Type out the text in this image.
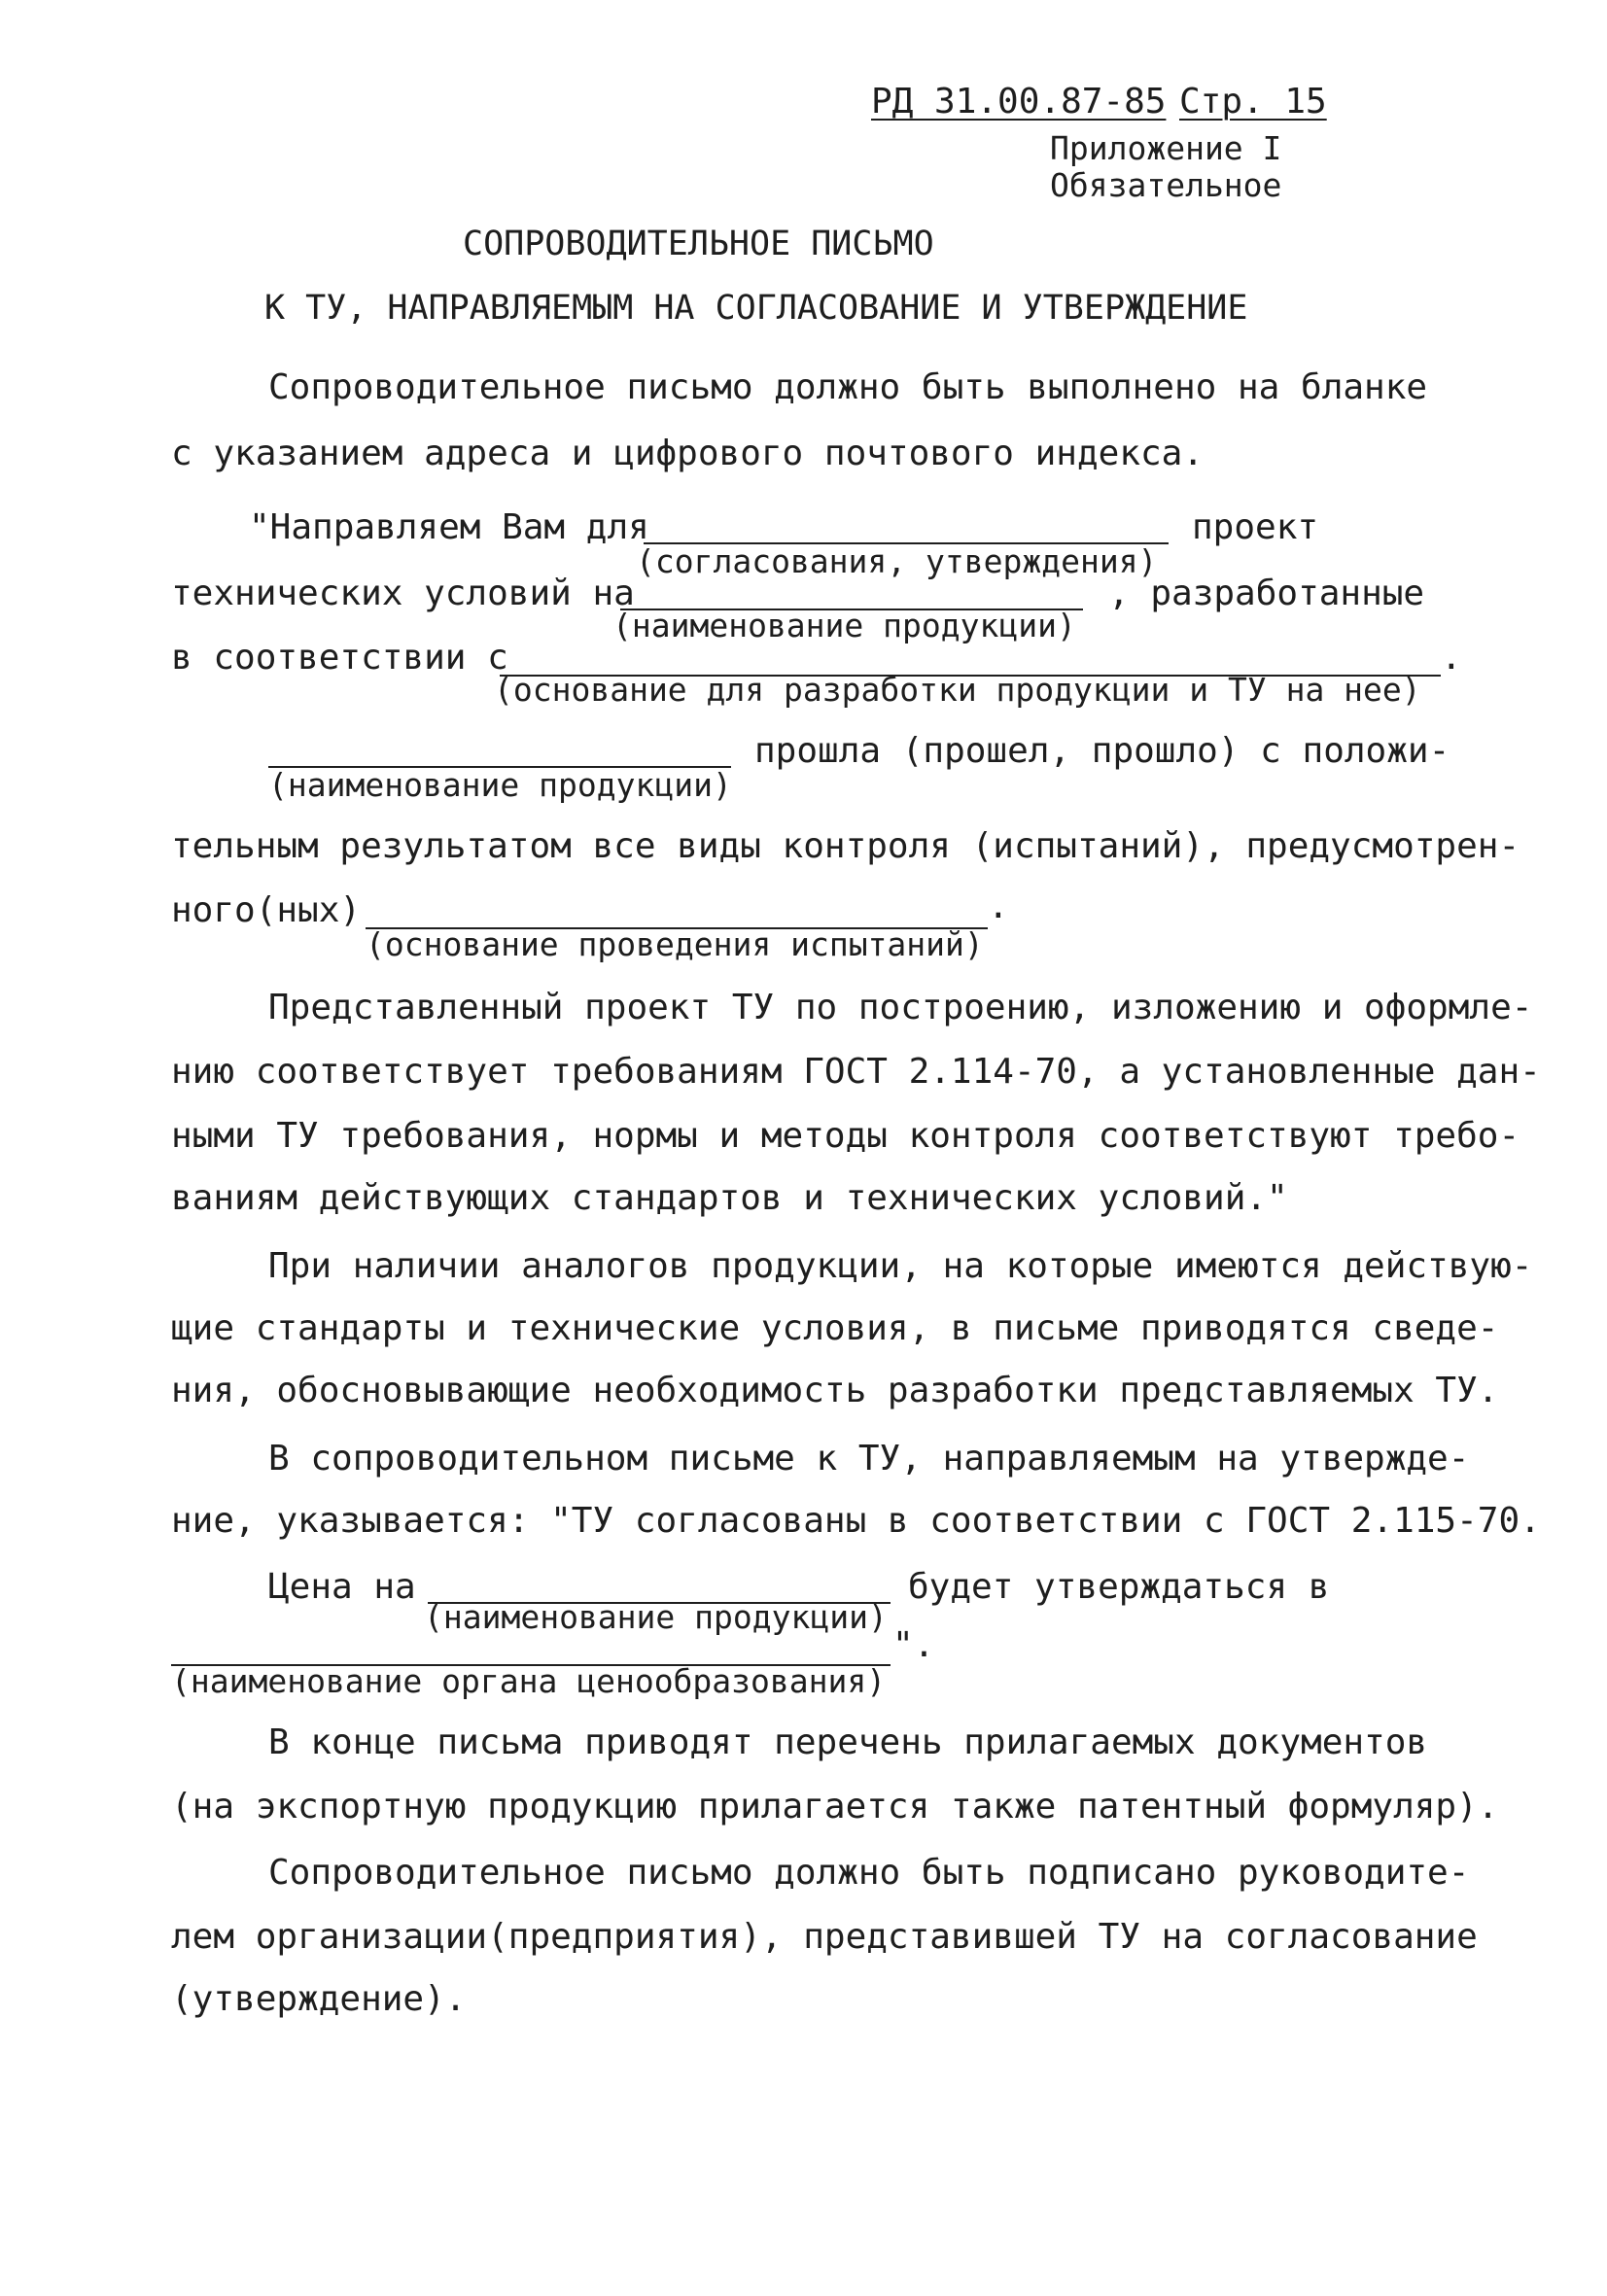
РД 31.00.87-85 Стр. 15
Приложение I
Обязательное
СОПРОВОДИТЕЛЬНОЕ ПИСЬМО
К ТУ, НАПРАВЛЯЕМЫМ НА СОГЛАСОВАНИЕ И УТВЕРЖДЕНИЕ
Сопроводительное письмо должно быть выполнено на бланке
с указанием адреса и цифрового почтового индекса.
"Направляем Вам для
(согласования, утверждения)
проект
технических условий на
(наименование продукции)
, разработанные
в соответствии с
(основание для разработки продукции и ТУ на нее)
.
(наименование продукции)
прошла (прошел, прошло) с положи-
тельным результатом все виды контроля (испытаний), предусмотрен-
ного(ных)
(основание проведения испытаний)
.
Представленный проект ТУ по построению, изложению и оформле-
нию соответствует требованиям ГОСТ 2.114-70, а установленные дан-
ными ТУ требования, нормы и методы контроля соответствуют требо-
ваниям действующих стандартов и технических условий."
При наличии аналогов продукции, на которые имеются действую-
щие стандарты и технические условия, в письме приводятся сведе-
ния, обосновывающие необходимость разработки представляемых ТУ.
В сопроводительном письме к ТУ, направляемым на утвержде-
ние, указывается: "ТУ согласованы в соответствии с ГОСТ 2.115-70.
Цена на
(наименование продукции)
будет утверждаться в
(наименование органа ценообразования)
".
В конце письма приводят перечень прилагаемых документов
(на экспортную продукцию прилагается также патентный формуляр).
Сопроводительное письмо должно быть подписано руководите-
лем организации(предприятия), представившей ТУ на согласование
(утверждение).
